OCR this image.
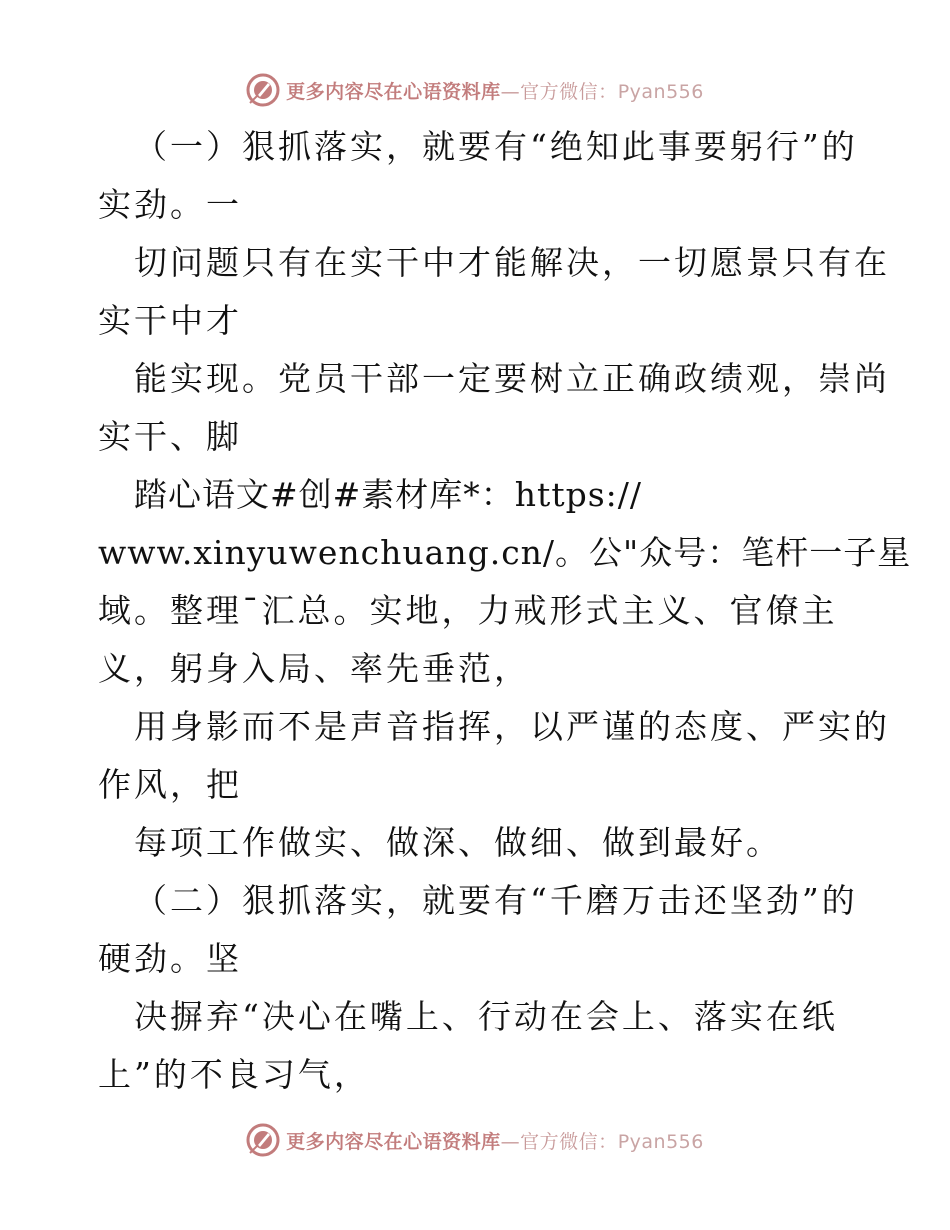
更多内容尽在心语资料库—官方微信：Pyan556
（一）狠抓落实，就要有“绝知此事要躬行”的
实劲。一
切问题只有在实干中才能解决，一切愿景只有在
实干中才
能实现。党员干部一定要树立正确政绩观，崇尚
实干、脚
踏心语文#创#素材库*：https://
www.xinyuwenchuang.cn/。公"众号：笔杆一子星
域。整理¯汇总。实地，力戒形式主义、官僚主
义，躬身入局、率先垂范，
用身影而不是声音指挥，以严谨的态度、严实的
作风，把
每项工作做实、做深、做细、做到最好。
（二）狠抓落实，就要有“千磨万击还坚劲”的
硬劲。坚
决摒弃“决心在嘴上、行动在会上、落实在纸
上”的不良习气，
更多内容尽在心语资料库—官方微信：Pyan556
